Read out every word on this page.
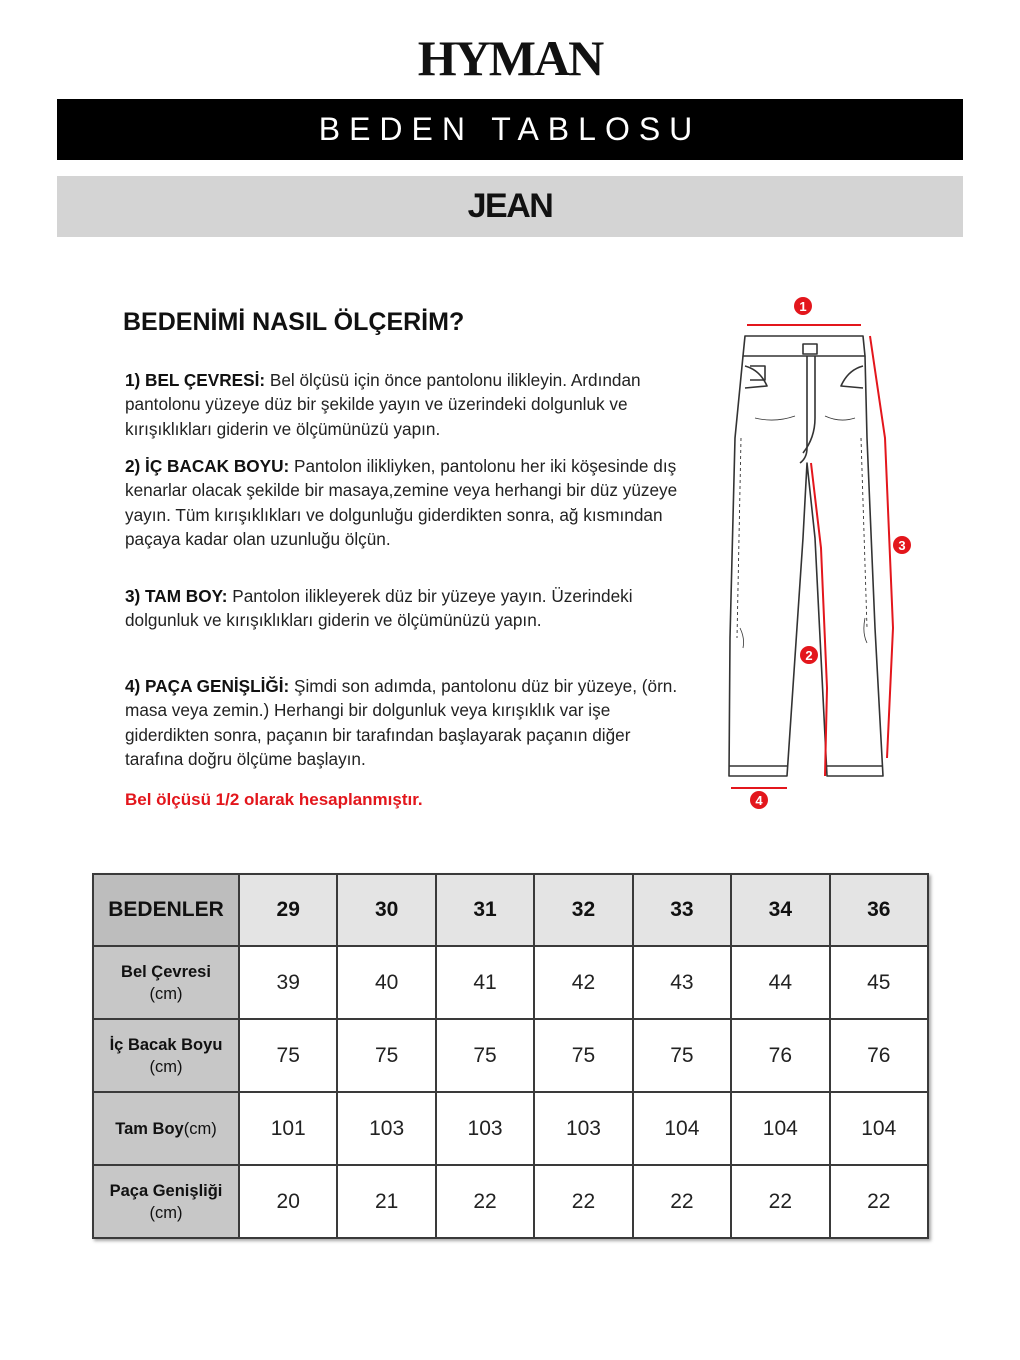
HYMAN
BEDEN TABLOSU
JEAN
BEDENİMİ NASIL ÖLÇERİM?
1) BEL ÇEVRESİ: Bel ölçüsü için önce pantolonu ilikleyin. Ardından pantolonu yüzeye düz bir şekilde yayın ve üzerindeki dolgunluk ve kırışıklıkları giderin ve ölçümünüzü yapın.
2) İÇ BACAK BOYU: Pantolon ilikliyken, pantolonu her iki köşesinde dış kenarlar olacak şekilde bir masaya,zemine veya herhangi bir düz yüzeye yayın. Tüm kırışıklıkları ve dolgunluğu giderdikten sonra, ağ kısmından paçaya kadar olan uzunluğu ölçün.
3) TAM BOY: Pantolon ilikleyerek düz bir yüzeye yayın. Üzerindeki dolgunluk ve kırışıklıkları giderin ve ölçümünüzü yapın.
4) PAÇA GENİŞLİĞİ: Şimdi son adımda, pantolonu düz bir yüzeye, (örn. masa veya zemin.) Herhangi bir dolgunluk veya kırışıklık var işe giderdikten sonra, paçanın bir tarafından başlayarak paçanın diğer tarafına doğru ölçüme başlayın.
Bel ölçüsü 1/2 olarak hesaplanmıştır.
1
2
3
4
BEDENLER	29	30	31	32	33	34	36
Bel Çevresi
(cm)	39	40	41	42	43	44	45
İç Bacak Boyu
(cm)	75	75	75	75	75	76	76
Tam Boy(cm)	101	103	103	103	104	104	104
Paça Genişliği
(cm)	20	21	22	22	22	22	22
